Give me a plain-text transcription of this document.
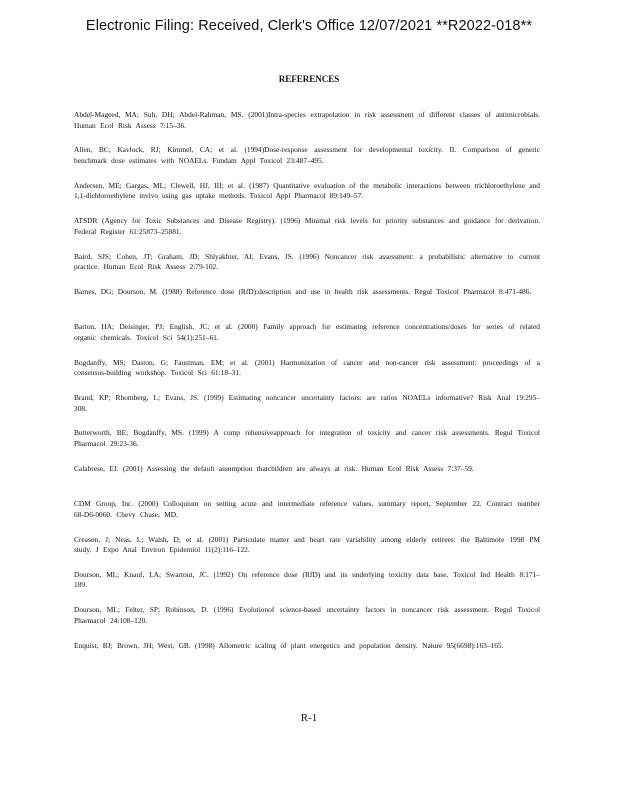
Electronic Filing: Received, Clerk's Office 12/07/2021 **R2022-018**
REFERENCES
Abdel-Mageed, MA; Suh, DH; Abdel-Rahman, MS. (2001)Intra-species extrapolation in risk assessment of different classes of antimicrobials. Human Ecol Risk Assess 7:15–36.
Allen, BC; Kavlock, RJ; Kimmel, CA; et al. (1994)Dose-response assessment for developmental toxicity. II. Comparison of generic benchmark dose estimates with NOAELs. Fundam Appl Toxicol 23:487–495.
Andersen, ME; Gargas, ML; Clewell, HJ, III; et al. (1987) Quantitative evaluation of the metabolic interactions between trichloroethylene and 1,1-dichloroethylene invivo using gas uptake methods. Toxicol Appl Pharmacol 89:149–57.
ATSDR (Agency for Toxic Substances and Disease Registry). (1996) Minimal risk levels for priority substances and guidance for derivation. Federal Register 61:25873–25881.
Baird, SJS; Cohen, JT; Graham, JD; Shlyakhter, AI; Evans, JS. (1996) Noncancer risk assessment: a probabilistic alternative to current practice. Human Ecol Risk Assess 2:79-102.
Barnes, DG; Dourson, M. (1988) Reference dose (RfD):description and use in health risk assessments. Regul Toxicol Pharmacol 8:471-486.
Barton, HA; Deisinger, PJ; English, JC; et al. (2000) Family approach for estimating reference concentrations/doses for series of related organic chemicals. Toxicol Sci 54(1):251–61.
Bogdanffy, MS; Daston, G; Faustman, EM; et al. (2001) Harmonization of cancer and non-cancer risk assessment: proceedings of a consensus-building workshop. Toxicol Sci 61:18–31.
Brand, KP; Rhomberg, L; Evans, JS. (1999) Estimating noncancer uncertainty factors: are ratios NOAELs informative? Risk Anal 19:295–308.
Butterworth, BE; Bogdanffy, MS. (1999) A comp rehensiveapproach for integration of toxicity and cancer risk assessments. Regul Toxicol Pharmacol 29:23-36.
Calabrese, EJ. (2001) Assessing the default assumption thatchildren are always at risk. Human Ecol Risk Assess 7:37–59.
CDM Group, Inc. (2000) Colloquium on setting acute and intermediate reference values, summary report, September 22. Contract number 68-D6-0060. Chevy Chase, MD.
Creason, J; Neas, L; Walsh, D; et al. (2001) Particulate matter and heart rate variability among elderly retirees: the Baltimore 1998 PM study. J Expo Anal Environ Epidemiol 11(2):116–122.
Dourson, ML; Knauf, LA; Swartout, JC. (1992) On reference dose (RfD) and its underlying toxicity data base. Toxicol Ind Health 8:171–189.
Dourson, ML; Felter, SP; Robinson, D. (1996) Evolutionof science-based uncertainty factors in noncancer risk assessment. Regul Toxicol Pharmacol 24:108–120.
Enquist, BJ; Brown, JH; West, GB. (1998) Allometric scaling of plant energetics and population density. Nature 95(6698):163–165.
R-1
